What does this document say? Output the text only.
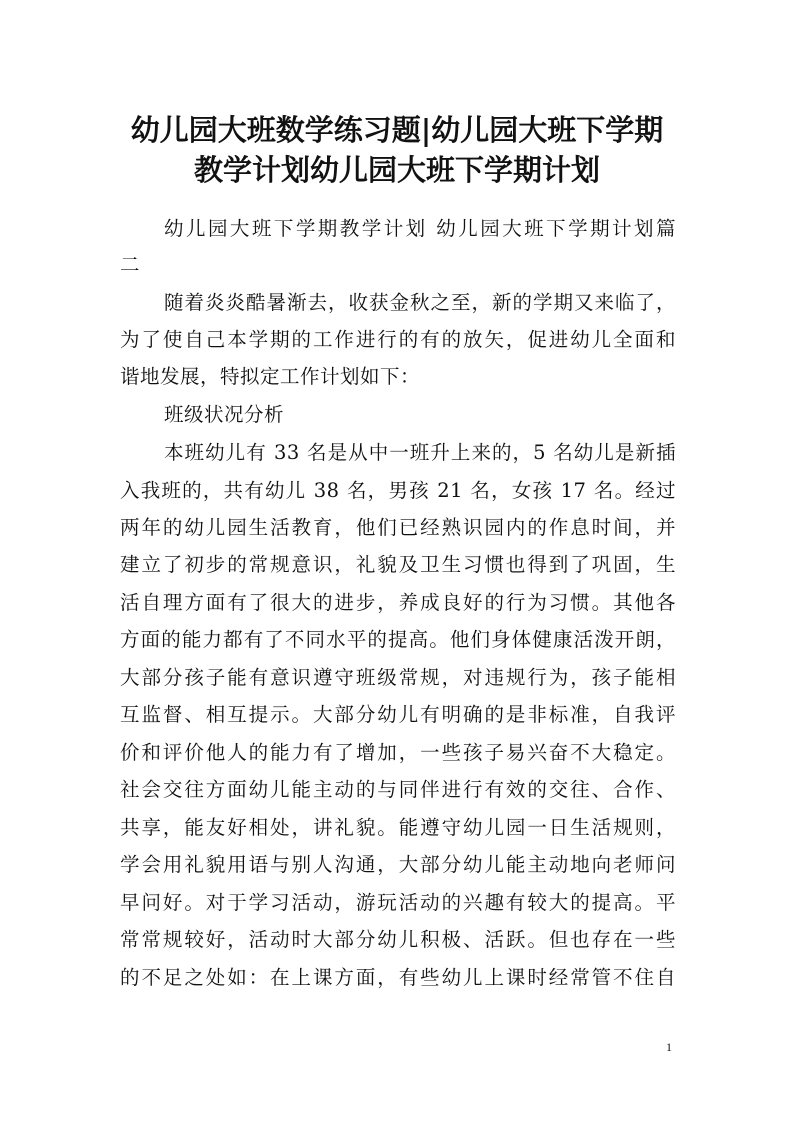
幼儿园大班数学练习题|幼儿园大班下学期
教学计划幼儿园大班下学期计划
幼儿园大班下学期教学计划 幼儿园大班下学期计划篇
二
随着炎炎酷暑渐去，收获金秋之至，新的学期又来临了，
为了使自己本学期的工作进行的有的放矢，促进幼儿全面和
谐地发展，特拟定工作计划如下：
班级状况分析
本班幼儿有 33 名是从中一班升上来的，5 名幼儿是新插
入我班的，共有幼儿 38 名，男孩 21 名，女孩 17 名。经过
两年的幼儿园生活教育，他们已经熟识园内的作息时间，并
建立了初步的常规意识，礼貌及卫生习惯也得到了巩固，生
活自理方面有了很大的进步，养成良好的行为习惯。其他各
方面的能力都有了不同水平的提高。他们身体健康活泼开朗，
大部分孩子能有意识遵守班级常规，对违规行为，孩子能相
互监督、相互提示。大部分幼儿有明确的是非标准，自我评
价和评价他人的能力有了增加，一些孩子易兴奋不大稳定。
社会交往方面幼儿能主动的与同伴进行有效的交往、合作、
共享，能友好相处，讲礼貌。能遵守幼儿园一日生活规则，
学会用礼貌用语与别人沟通，大部分幼儿能主动地向老师问
早问好。对于学习活动，游玩活动的兴趣有较大的提高。平
常常规较好，活动时大部分幼儿积极、活跃。但也存在一些
的不足之处如：在上课方面，有些幼儿上课时经常管不住自
1
